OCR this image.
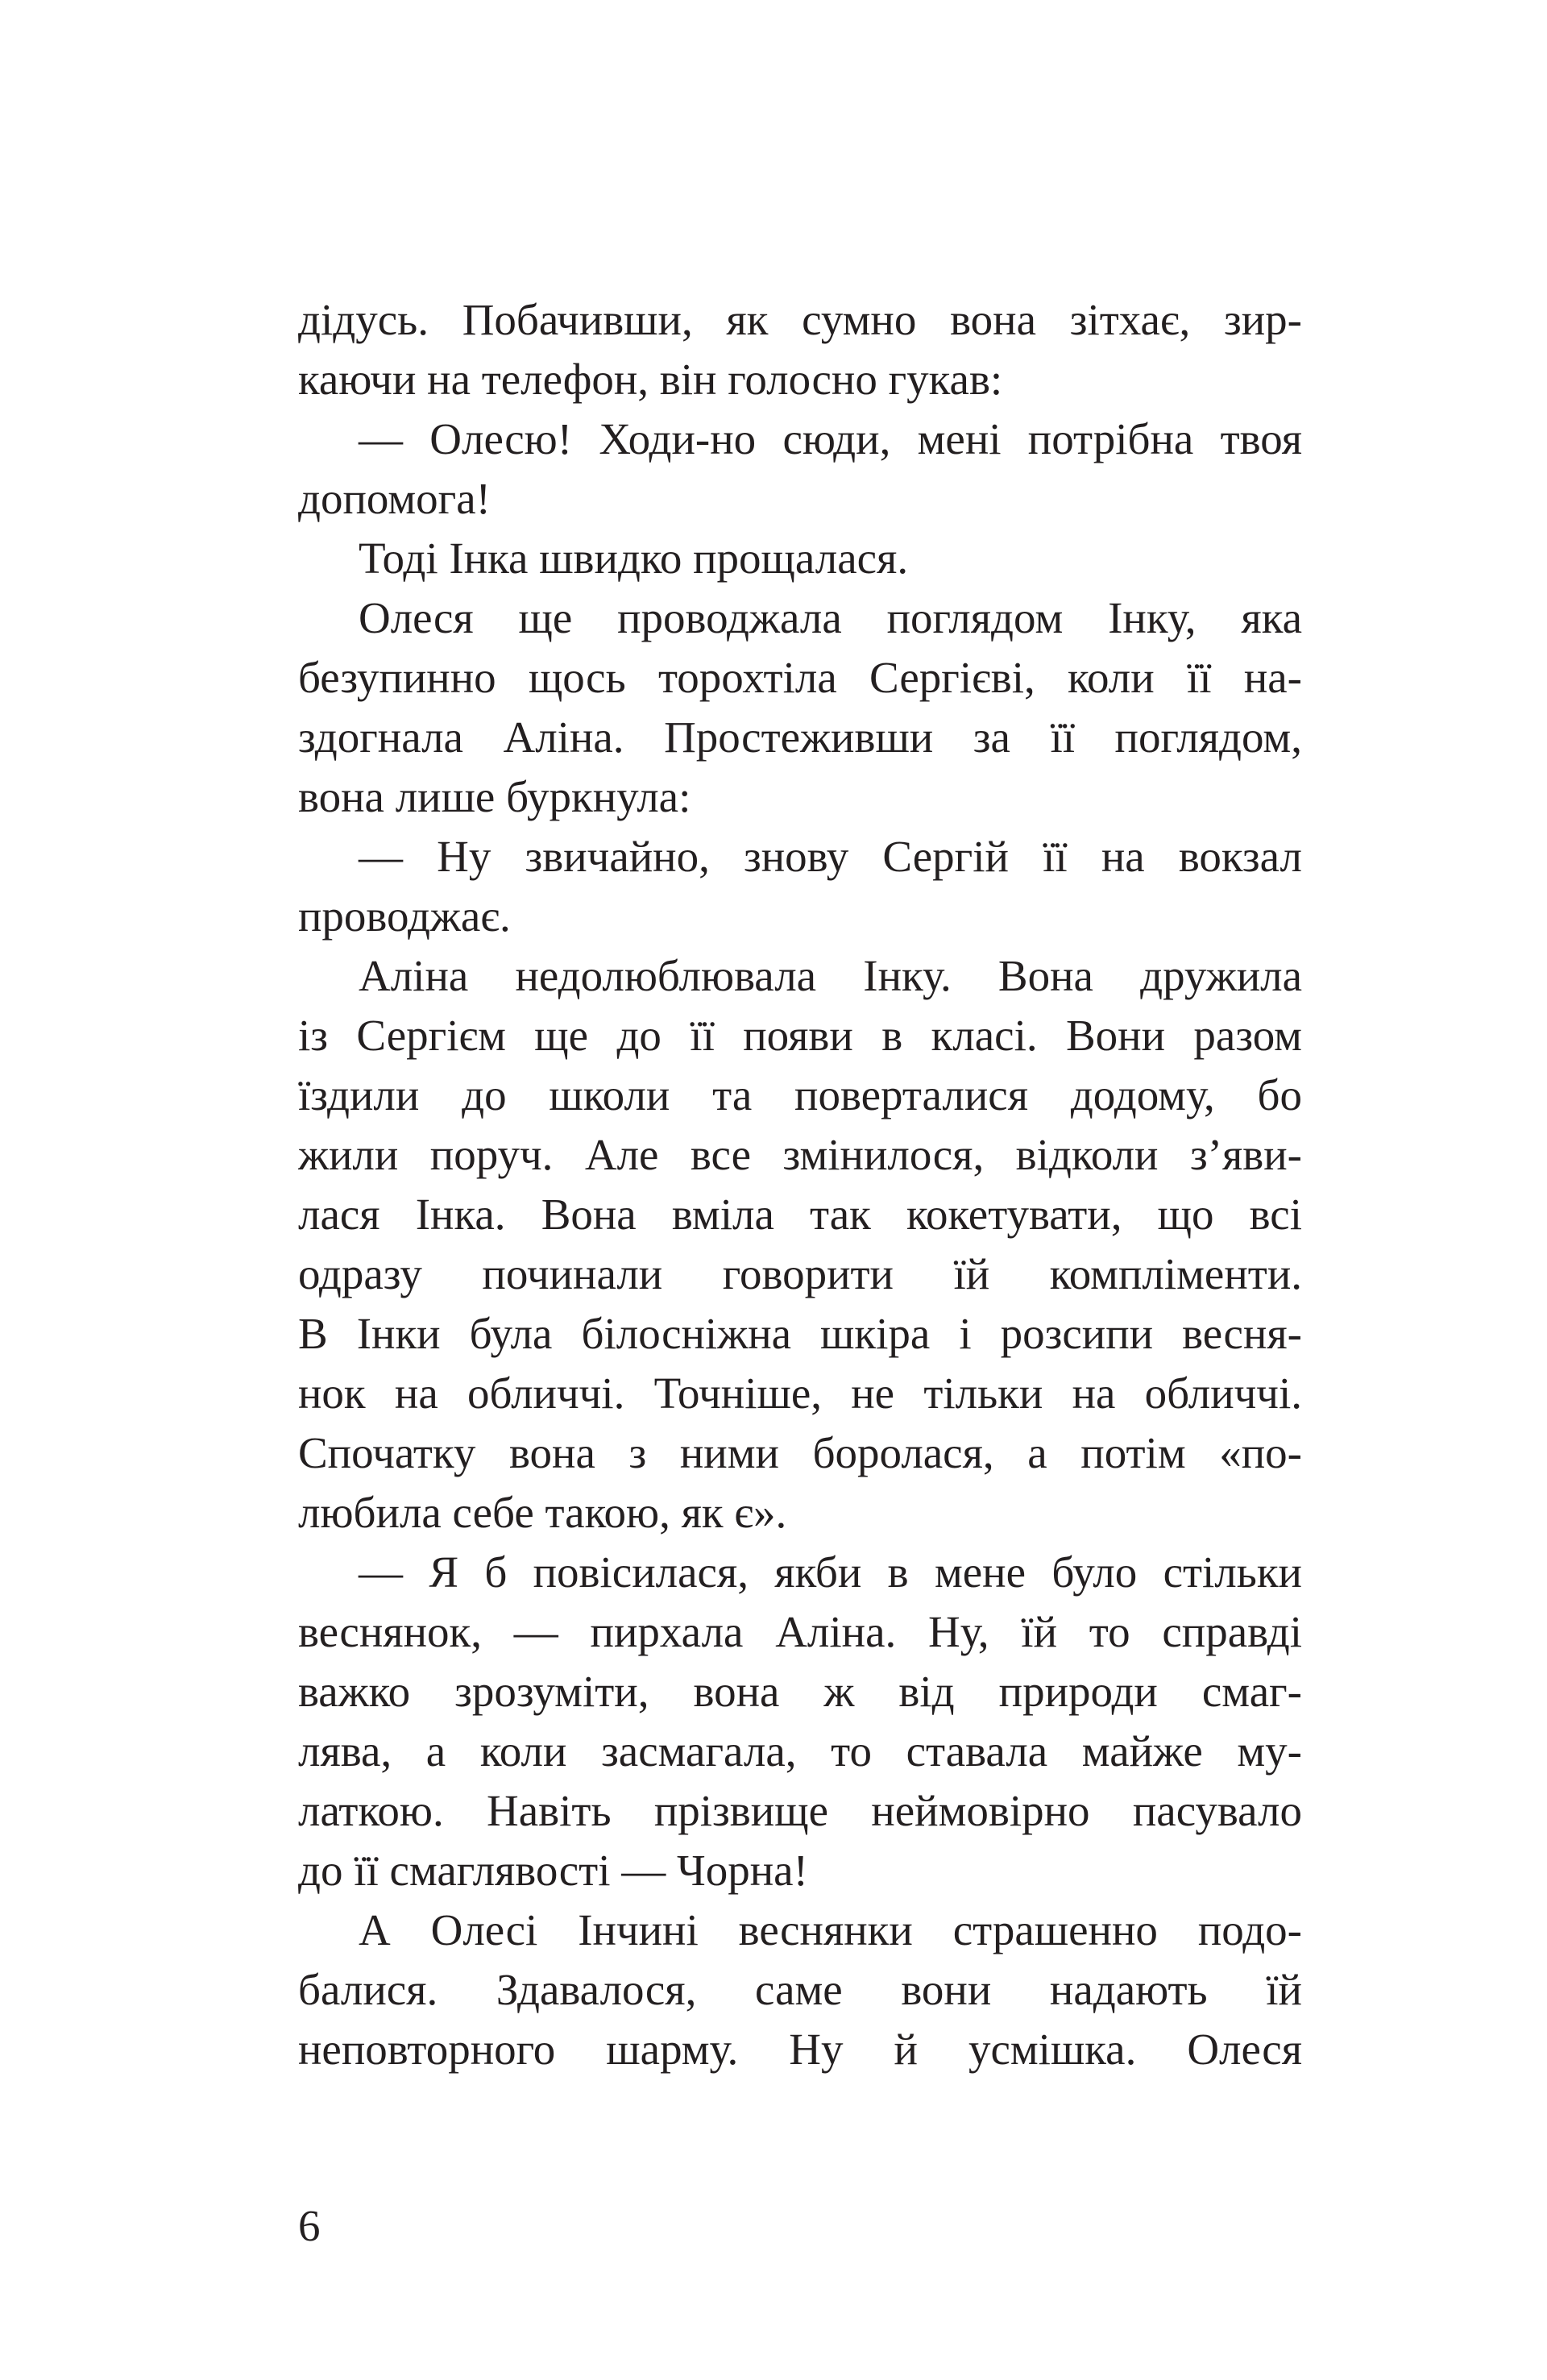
дідусь. Побачивши, як сумно вона зітхає, зир-
каючи на телефон, він голосно гукав:
— Олесю! Ходи-но сюди, мені потрібна твоя
допомога!
Тоді Інка швидко прощалася.
Олеся ще проводжала поглядом Інку, яка
безупинно щось торохтіла Сергієві, коли її на-
здогнала Аліна. Простеживши за її поглядом,
вона лише буркнула:
— Ну звичайно, знову Сергій її на вокзал
проводжає.
Аліна недолюблювала Інку. Вона дружила
із Сергієм ще до її появи в класі. Вони разом
їздили до школи та поверталися додому, бо
жили поруч. Але все змінилося, відколи з’яви-
лася Інка. Вона вміла так кокетувати, що всі
одразу починали говорити їй компліменти.
В Інки була білосніжна шкіра і розсипи весня-
нок на обличчі. Точніше, не тільки на обличчі.
Спочатку вона з ними боролася, а потім «по-
любила себе такою, як є».
— Я б повісилася, якби в мене було стільки
веснянок, — пирхала Аліна. Ну, їй то справді
важко зрозуміти, вона ж від природи смаг-
лява, а коли засмагала, то ставала майже му-
латкою. Навіть прізвище неймовірно пасувало
до її смаглявості — Чорна!
А Олесі Інчині веснянки страшенно подо-
балися. Здавалося, саме вони надають їй
неповторного шарму. Ну й усмішка. Олеся
6
